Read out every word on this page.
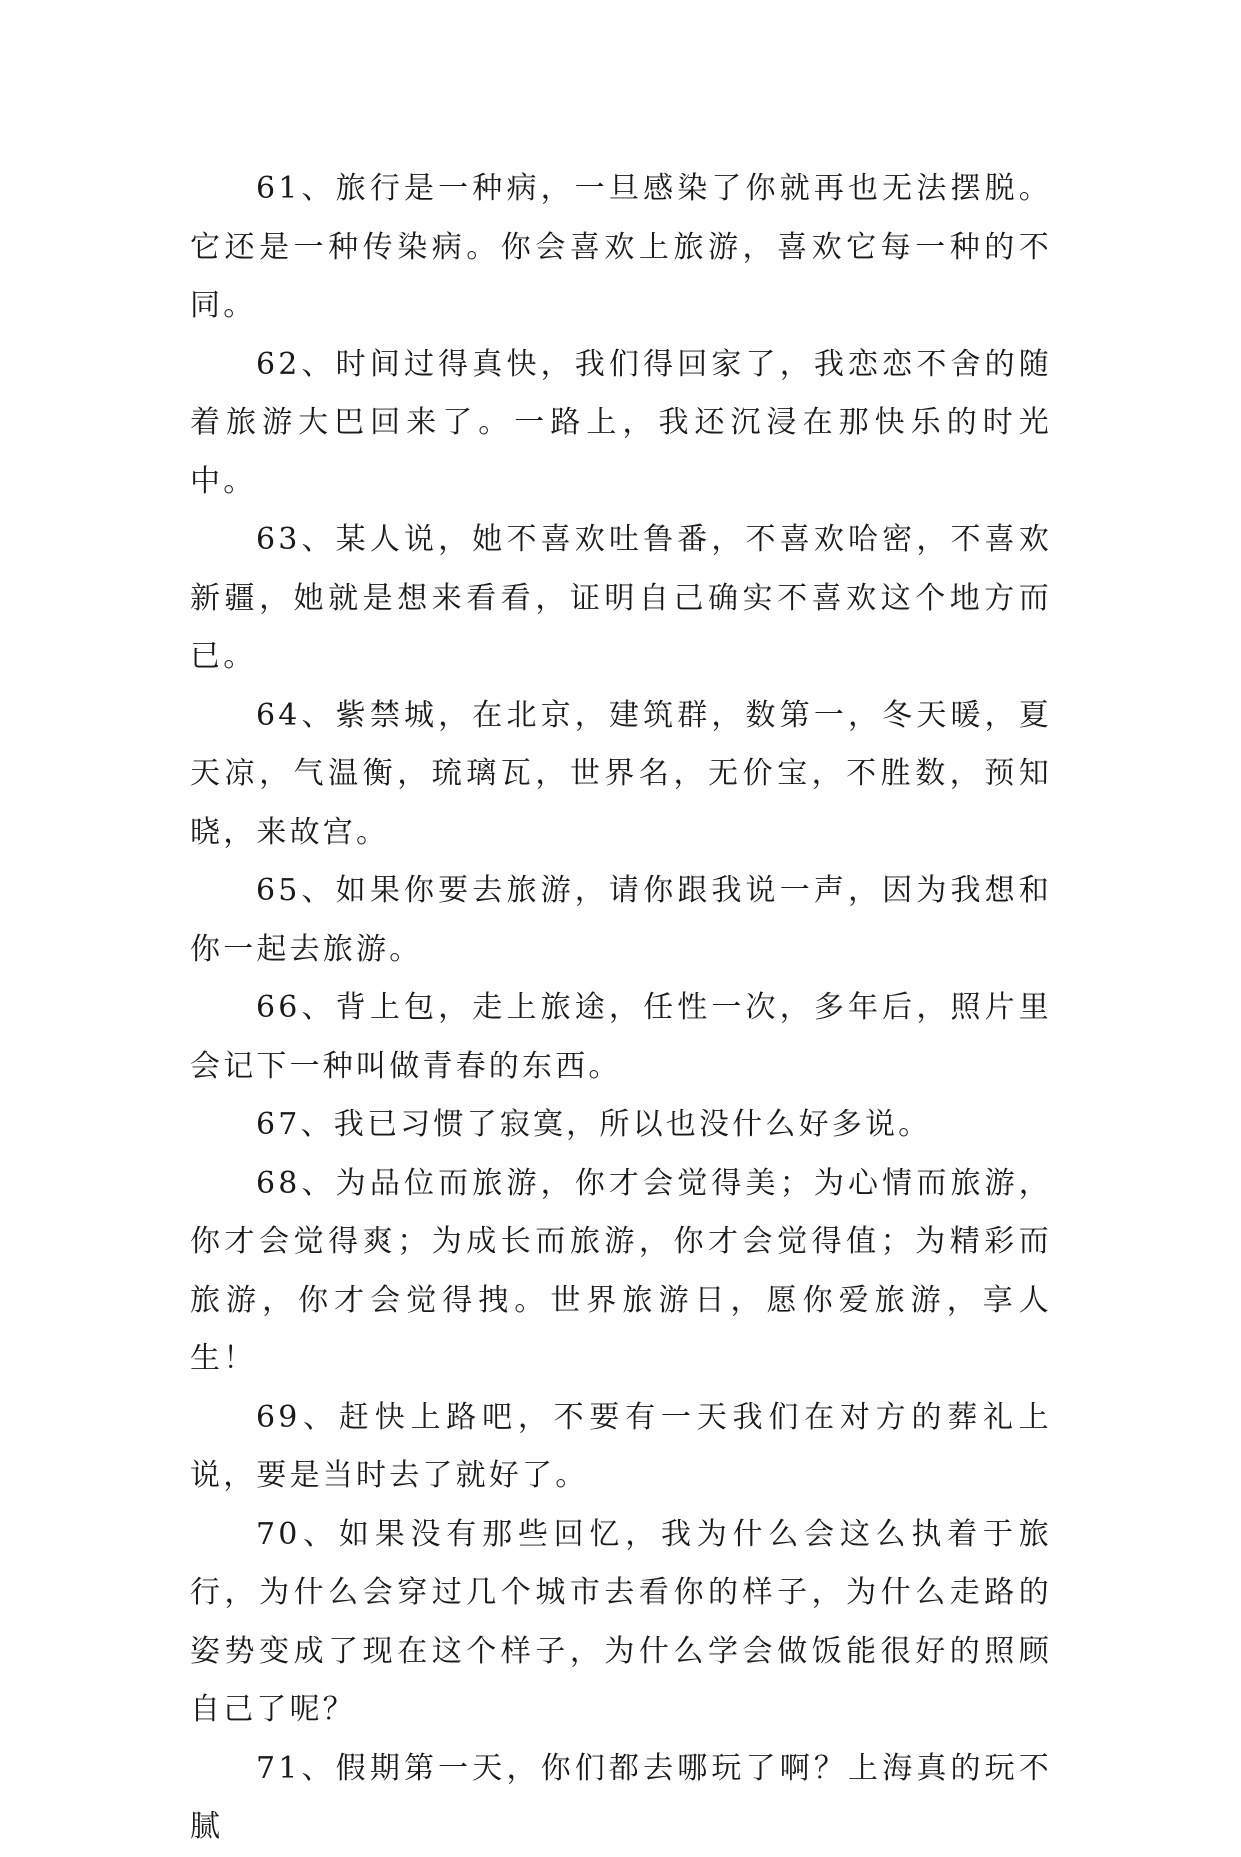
61、旅行是一种病，一旦感染了你就再也无法摆脱。它还是一种传染病。你会喜欢上旅游，喜欢它每一种的不同。

62、时间过得真快，我们得回家了，我恋恋不舍的随着旅游大巴回来了。一路上，我还沉浸在那快乐的时光中。

63、某人说，她不喜欢吐鲁番，不喜欢哈密，不喜欢新疆，她就是想来看看，证明自己确实不喜欢这个地方而已。

64、紫禁城，在北京，建筑群，数第一，冬天暖，夏天凉，气温衡，琉璃瓦，世界名，无价宝，不胜数，预知晓，来故宫。

65、如果你要去旅游，请你跟我说一声，因为我想和你一起去旅游。

66、背上包，走上旅途，任性一次，多年后，照片里会记下一种叫做青春的东西。

67、我已习惯了寂寞，所以也没什么好多说。

68、为品位而旅游，你才会觉得美；为心情而旅游，你才会觉得爽；为成长而旅游，你才会觉得值；为精彩而旅游，你才会觉得拽。世界旅游日，愿你爱旅游，享人生！

69、赶快上路吧，不要有一天我们在对方的葬礼上说，要是当时去了就好了。

70、如果没有那些回忆，我为什么会这么执着于旅行，为什么会穿过几个城市去看你的样子，为什么走路的姿势变成了现在这个样子，为什么学会做饭能很好的照顾自己了呢？

71、假期第一天，你们都去哪玩了啊？上海真的玩不腻
